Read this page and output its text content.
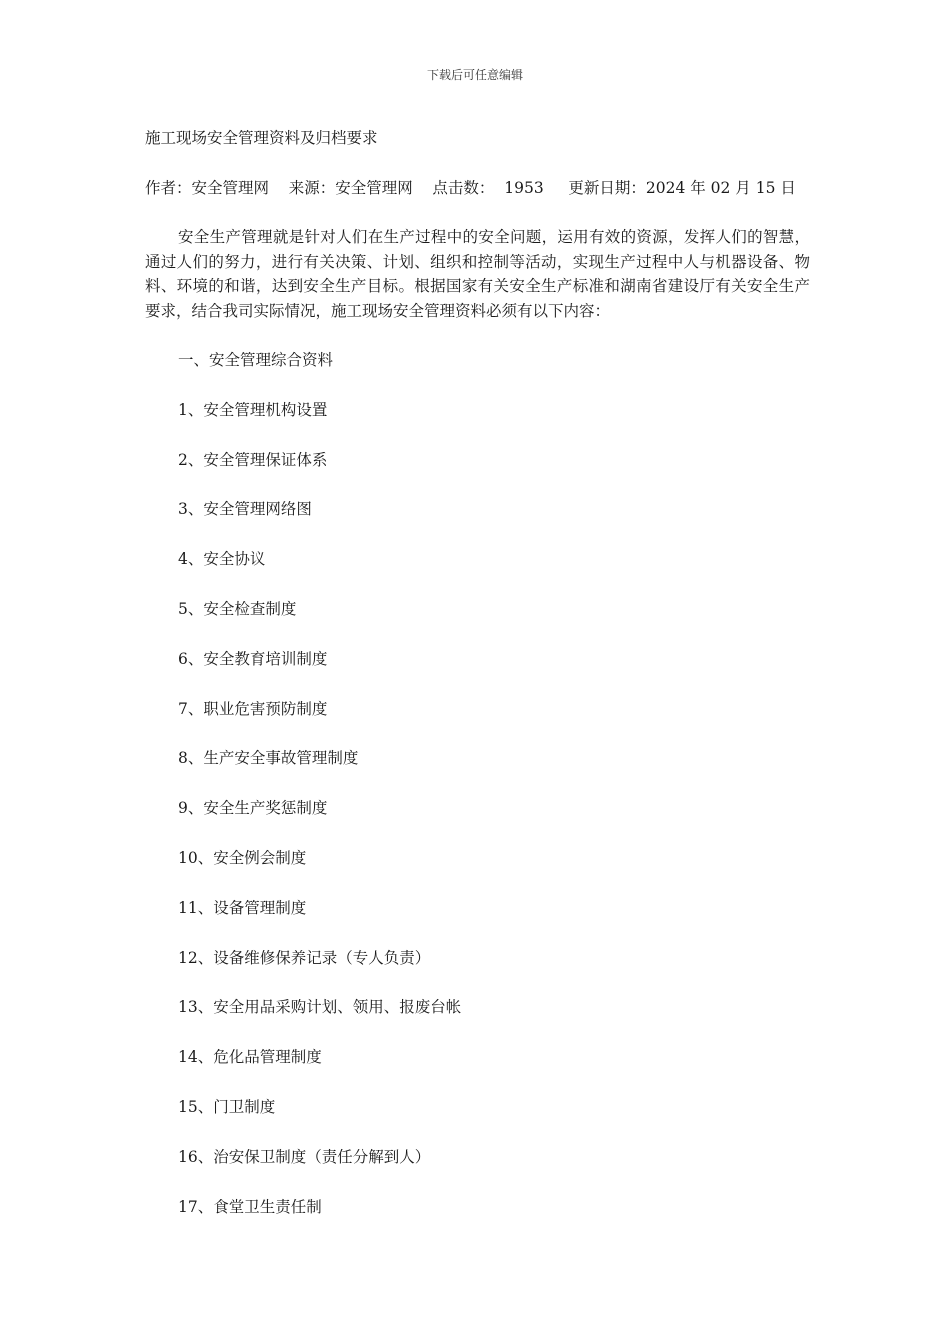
下载后可任意编辑
施工现场安全管理资料及归档要求
作者：安全管理网    来源：安全管理网    点击数：  1953     更新日期：2024 年 02 月 15 日

安全生产管理就是针对人们在生产过程中的安全问题，运用有效的资源，发挥人们的智慧，通过人们的努力，进行有关决策、计划、组织和控制等活动，实现生产过程中人与机器设备、物料、环境的和谐，达到安全生产目标。根据国家有关安全生产标准和湖南省建设厅有关安全生产要求，结合我司实际情况，施工现场安全管理资料必须有以下内容：

一、安全管理综合资料
1、安全管理机构设置
2、安全管理保证体系
3、安全管理网络图
4、安全协议
5、安全检查制度
6、安全教育培训制度
7、职业危害预防制度
8、生产安全事故管理制度
9、安全生产奖惩制度
10、安全例会制度
11、设备管理制度
12、设备维修保养记录（专人负责）
13、安全用品采购计划、领用、报废台帐
14、危化品管理制度
15、门卫制度
16、治安保卫制度（责任分解到人）
17、食堂卫生责任制
